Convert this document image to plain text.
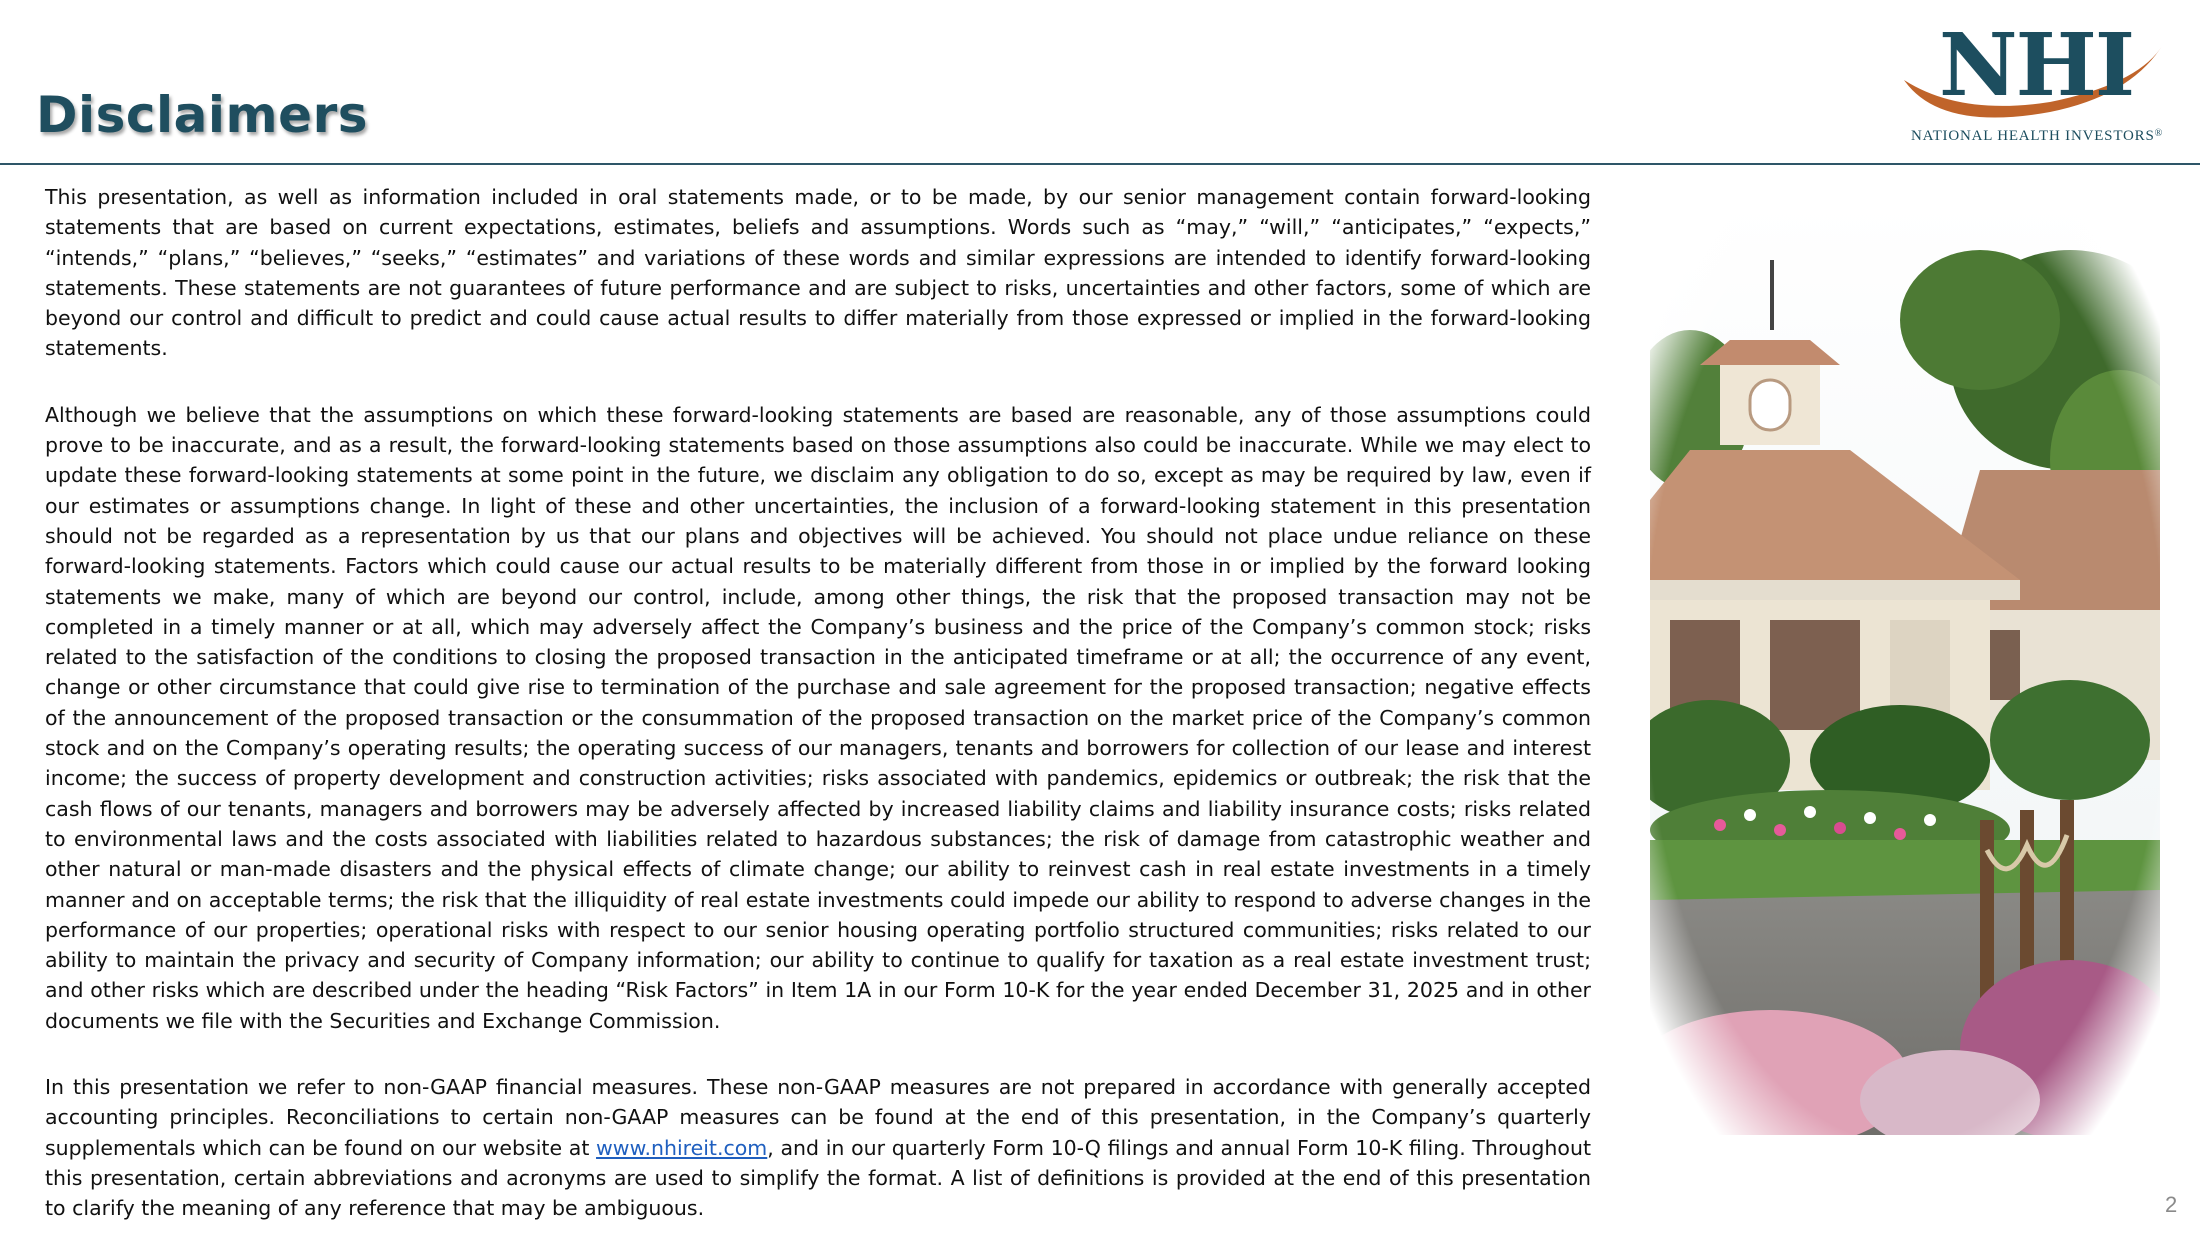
Disclaimers	NHI
NATIONAL HEALTH INVESTORS®

This presentation, as well as information included in oral statements made, or to be made, by our senior management contain forward-looking statements that are based on current expectations, estimates, beliefs and assumptions. Words such as “may,” “will,” “anticipates,” “expects,” “intends,” “plans,” “believes,” “seeks,” “estimates” and variations of these words and similar expressions are intended to identify forward-looking statements. These statements are not guarantees of future performance and are subject to risks, uncertainties and other factors, some of which are beyond our control and difficult to predict and could cause actual results to differ materially from those expressed or implied in the forward-looking statements.

Although we believe that the assumptions on which these forward-looking statements are based are reasonable, any of those assumptions could prove to be inaccurate, and as a result, the forward-looking statements based on those assumptions also could be inaccurate. While we may elect to update these forward-looking statements at some point in the future, we disclaim any obligation to do so, except as may be required by law, even if our estimates or assumptions change. In light of these and other uncertainties, the inclusion of a forward-looking statement in this presentation should not be regarded as a representation by us that our plans and objectives will be achieved. You should not place undue reliance on these forward-looking statements. Factors which could cause our actual results to be materially different from those in or implied by the forward looking statements we make, many of which are beyond our control, include, among other things, the risk that the proposed transaction may not be completed in a timely manner or at all, which may adversely affect the Company’s business and the price of the Company’s common stock; risks related to the satisfaction of the conditions to closing the proposed transaction in the anticipated timeframe or at all; the occurrence of any event, change or other circumstance that could give rise to termination of the purchase and sale agreement for the proposed transaction; negative effects of the announcement of the proposed transaction or the consummation of the proposed transaction on the market price of the Company’s common stock and on the Company’s operating results; the operating success of our managers, tenants and borrowers for collection of our lease and interest income; the success of property development and construction activities; risks associated with pandemics, epidemics or outbreak; the risk that the cash flows of our tenants, managers and borrowers may be adversely affected by increased liability claims and liability insurance costs; risks related to environmental laws and the costs associated with liabilities related to hazardous substances; the risk of damage from catastrophic weather and other natural or man-made disasters and the physical effects of climate change; our ability to reinvest cash in real estate investments in a timely manner and on acceptable terms; the risk that the illiquidity of real estate investments could impede our ability to respond to adverse changes in the performance of our properties; operational risks with respect to our senior housing operating portfolio structured communities; risks related to our ability to maintain the privacy and security of Company information; our ability to continue to qualify for taxation as a real estate investment trust; and other risks which are described under the heading “Risk Factors” in Item 1A in our Form 10-K for the year ended December 31, 2025 and in other documents we file with the Securities and Exchange Commission.

In this presentation we refer to non-GAAP financial measures. These non-GAAP measures are not prepared in accordance with generally accepted accounting principles. Reconciliations to certain non-GAAP measures can be found at the end of this presentation, in the Company’s quarterly supplementals which can be found on our website at www.nhireit.com, and in our quarterly Form 10-Q filings and annual Form 10-K filing. Throughout this presentation, certain abbreviations and acronyms are used to simplify the format. A list of definitions is provided at the end of this presentation to clarify the meaning of any reference that may be ambiguous.	2
